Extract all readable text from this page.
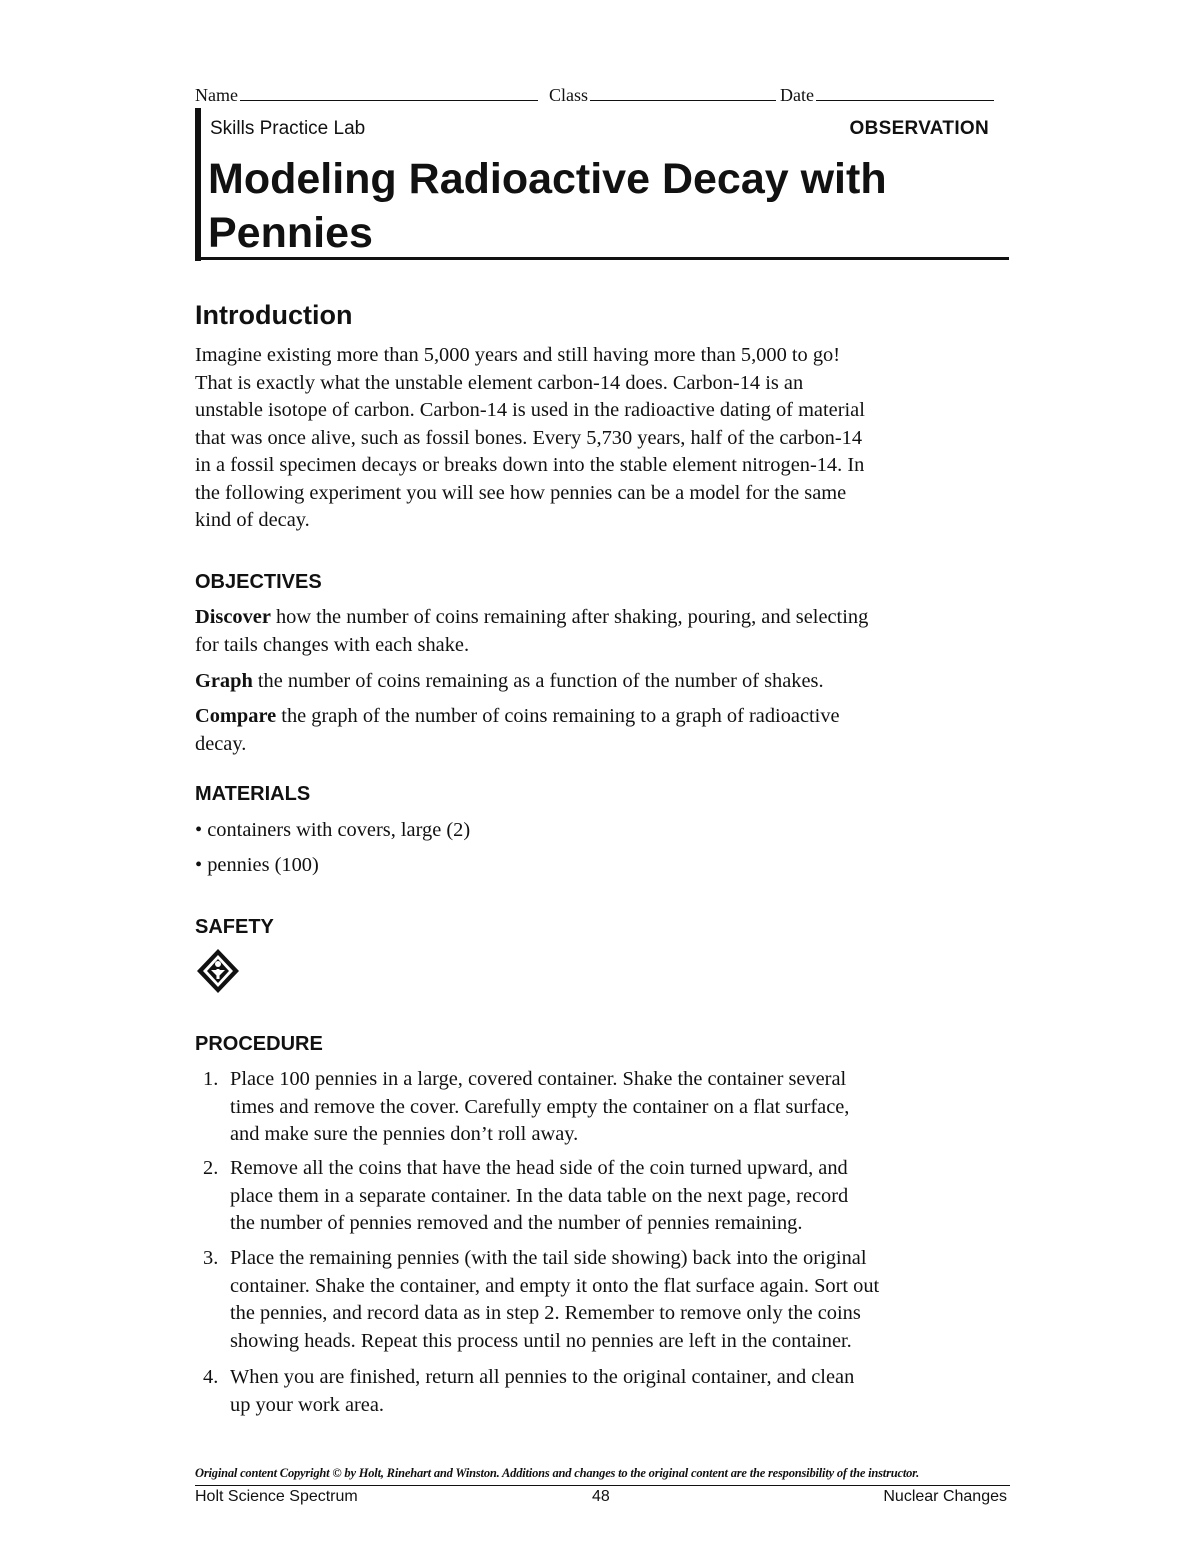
Name	Class	Date
Skills Practice Lab	OBSERVATION
Modeling Radioactive Decay with
Pennies
Introduction
Imagine existing more than 5,000 years and still having more than 5,000 to go!
That is exactly what the unstable element carbon-14 does. Carbon-14 is an
unstable isotope of carbon. Carbon-14 is used in the radioactive dating of material
that was once alive, such as fossil bones. Every 5,730 years, half of the carbon-14
in a fossil specimen decays or breaks down into the stable element nitrogen-14. In
the following experiment you will see how pennies can be a model for the same
kind of decay.
OBJECTIVES
Discover how the number of coins remaining after shaking, pouring, and selecting
for tails changes with each shake.
Graph the number of coins remaining as a function of the number of shakes.
Compare the graph of the number of coins remaining to a graph of radioactive
decay.
MATERIALS
• containers with covers, large (2)
• pennies (100)
SAFETY
PROCEDURE
1. Place 100 pennies in a large, covered container. Shake the container several
times and remove the cover. Carefully empty the container on a flat surface,
and make sure the pennies don’t roll away.
2. Remove all the coins that have the head side of the coin turned upward, and
place them in a separate container. In the data table on the next page, record
the number of pennies removed and the number of pennies remaining.
3. Place the remaining pennies (with the tail side showing) back into the original
container. Shake the container, and empty it onto the flat surface again. Sort out
the pennies, and record data as in step 2. Remember to remove only the coins
showing heads. Repeat this process until no pennies are left in the container.
4. When you are finished, return all pennies to the original container, and clean
up your work area.
Original content Copyright © by Holt, Rinehart and Winston. Additions and changes to the original content are the responsibility of the instructor.
Holt Science Spectrum	48	Nuclear Changes
